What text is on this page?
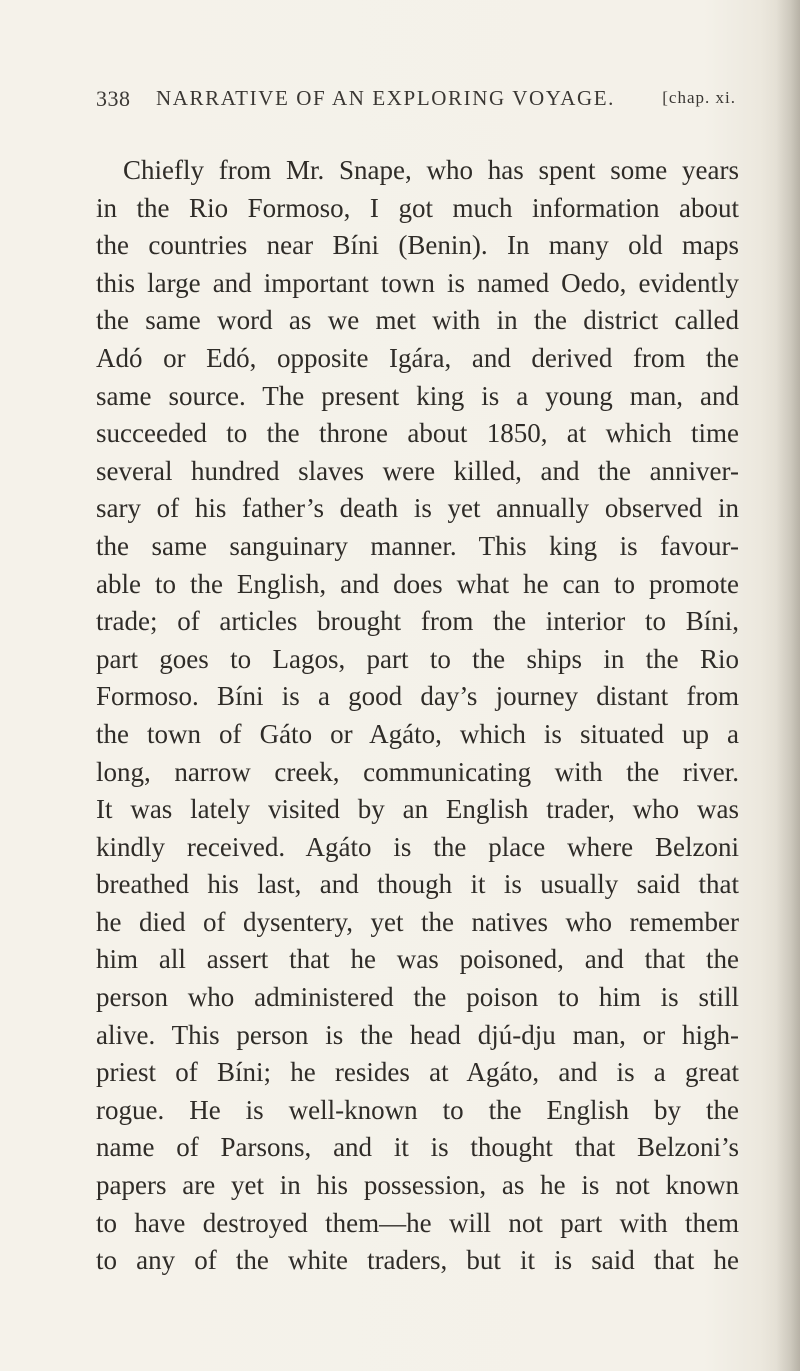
338 NARRATIVE OF AN EXPLORING VOYAGE.	[chap. xi.
Chiefly from Mr. Snape, who has spent some years
in the Rio Formoso, I got much information about
the countries near Bíni (Benin). In many old maps
this large and important town is named Oedo, evidently
the same word as we met with in the district called
Adó or Edó, opposite Igára, and derived from the
same source. The present king is a young man, and
succeeded to the throne about 1850, at which time
several hundred slaves were killed, and the anniver-
sary of his father’s death is yet annually observed in
the same sanguinary manner. This king is favour-
able to the English, and does what he can to promote
trade; of articles brought from the interior to Bíni,
part goes to Lagos, part to the ships in the Rio
Formoso. Bíni is a good day’s journey distant from
the town of Gáto or Agáto, which is situated up a
long, narrow creek, communicating with the river.
It was lately visited by an English trader, who was
kindly received. Agáto is the place where Belzoni
breathed his last, and though it is usually said that
he died of dysentery, yet the natives who remember
him all assert that he was poisoned, and that the
person who administered the poison to him is still
alive. This person is the head djú-dju man, or high-
priest of Bíni; he resides at Agáto, and is a great
rogue. He is well-known to the English by the
name of Parsons, and it is thought that Belzoni’s
papers are yet in his possession, as he is not known
to have destroyed them—he will not part with them
to any of the white traders, but it is said that he
